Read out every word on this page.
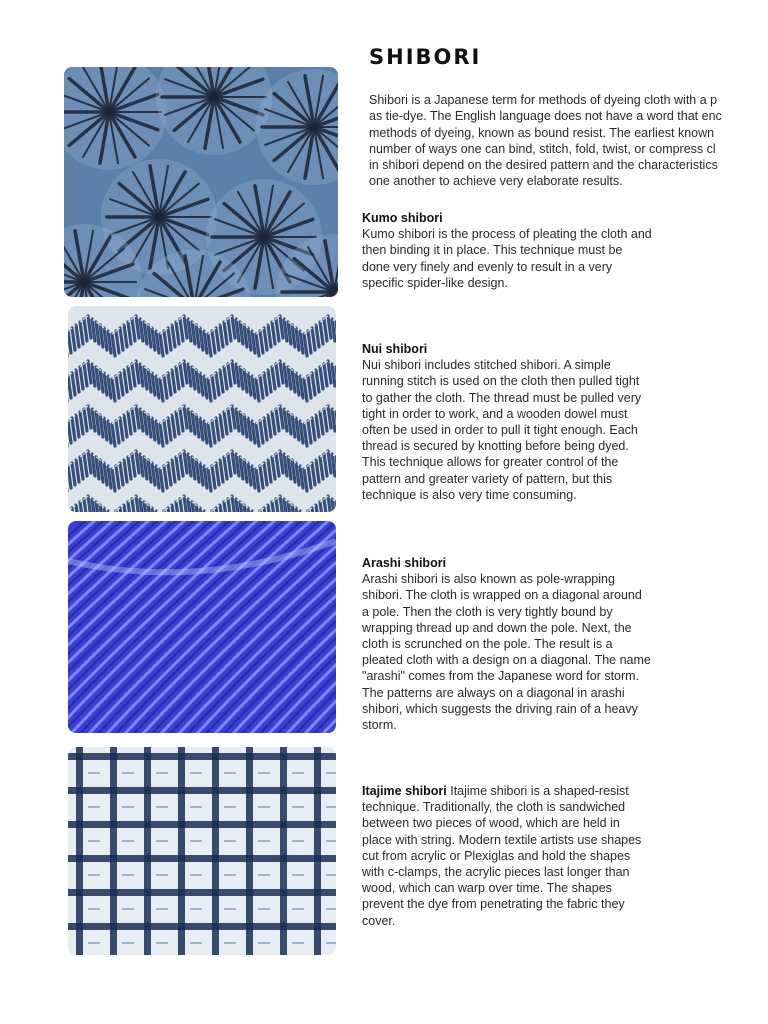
SHIBORI
Shibori is a Japanese term for methods of dyeing cloth with a p
as tie-dye. The English language does not have a word that enc
methods of dyeing, known as bound resist. The earliest known
number of ways one can bind, stitch, fold, twist, or compress cl
in shibori depend on the desired pattern and the characteristics
one another to achieve very elaborate results.
Kumo shibori
Kumo shibori is the process of pleating the cloth and
then binding it in place. This technique must be
done very finely and evenly to result in a very
specific spider-like design.
Nui shibori
Nui shibori includes stitched shibori. A simple
running stitch is used on the cloth then pulled tight
to gather the cloth. The thread must be pulled very
tight in order to work, and a wooden dowel must
often be used in order to pull it tight enough. Each
thread is secured by knotting before being dyed.
This technique allows for greater control of the
pattern and greater variety of pattern, but this
technique is also very time consuming.
Arashi shibori
Arashi shibori is also known as pole-wrapping
shibori. The cloth is wrapped on a diagonal around
a pole. Then the cloth is very tightly bound by
wrapping thread up and down the pole. Next, the
cloth is scrunched on the pole. The result is a
pleated cloth with a design on a diagonal. The name
"arashi" comes from the Japanese word for storm.
The patterns are always on a diagonal in arashi
shibori, which suggests the driving rain of a heavy
storm.
Itajime shibori Itajime shibori is a shaped-resist
technique. Traditionally, the cloth is sandwiched
between two pieces of wood, which are held in
place with string. Modern textile artists use shapes
cut from acrylic or Plexiglas and hold the shapes
with c-clamps, the acrylic pieces last longer than
wood, which can warp over time. The shapes
prevent the dye from penetrating the fabric they
cover.
